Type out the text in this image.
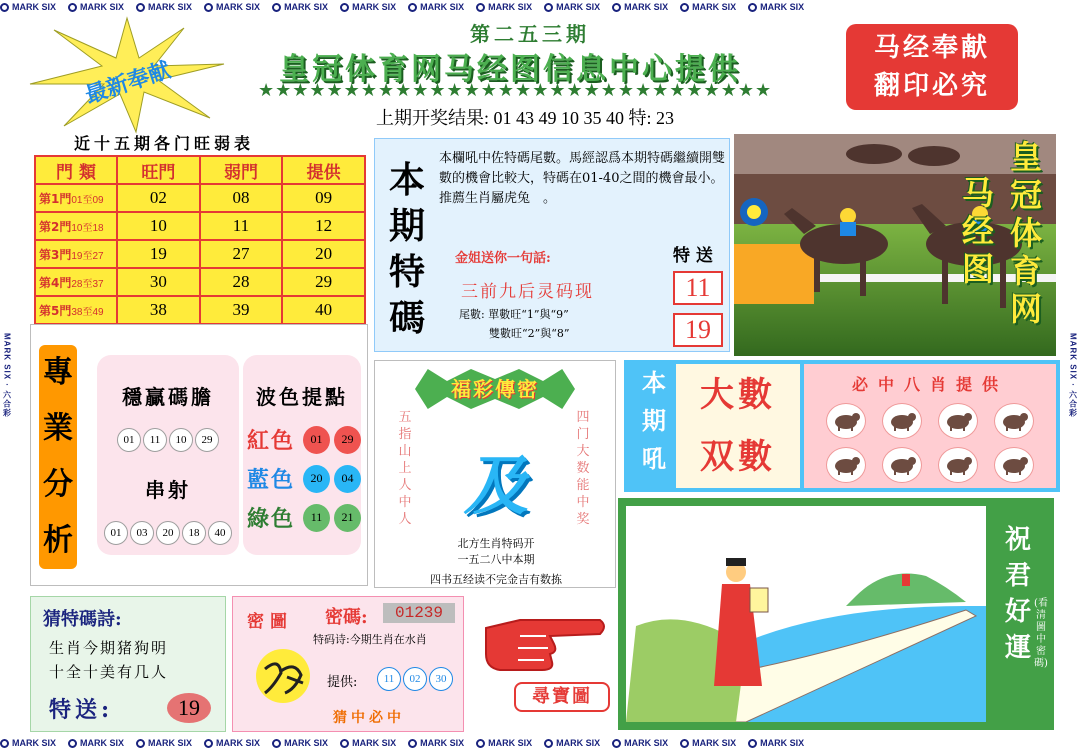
MARK SIX	MARK SIX	MARK SIX	MARK SIX	MARK SIX	MARK SIX	MARK SIX	MARK SIX	MARK SIX	MARK SIX	MARK SIX	MARK SIX
MARK SIX	MARK SIX	MARK SIX	MARK SIX	MARK SIX	MARK SIX	MARK SIX	MARK SIX	MARK SIX	MARK SIX	MARK SIX	MARK SIX
MARK SIX · 六合彩	MARK SIX · 六合彩
最新奉献
第二五三期
皇冠体育网马经图信息中心提供
★★★★★★★★★★★★★★★★★★★★★★★★★★★★★★
上期开奖结果: 01 43 49 10 35 40 特: 23
马经奉献
翻印必究
近十五期各门旺弱表
門 類	旺門	弱門	提供
第1門01至09	02	08	09
第2門10至18	10	11	12
第3門19至27	19	27	20
第4門28至37	30	28	29
第5門38至49	38	39	40
本
期
特
碼
本欄吼中佐特碼尾數。馬經認爲本期特碼繼續開雙數的機會比較大，特碼在01-40之間的機會最小。推薦生肖屬虎兔　。
金姐送你一句話:
三前九后灵码现
尾數: 單數旺“1”與“9”
雙數旺“2”與“8”
特 送
11
19
皇
冠
体
育
网
马
经
图
專
業
分
析
穩贏碼膽
01	11	10	29
串射
01	03	20	18	40
波色提點
紅色	01	29
藍色	20	04
綠色	11	21
福彩傳密
五指山上人中人
四门大数能中奖
及
北方生肖特码开
一五二八中本期
四书五经读不完金吉有数拣
本
期
吼
大數
双數
必中八肖提供
祝
君
好
運
(看清圖中密碼)
猜特碼詩:
生肖今期猪狗明
十全十美有几人
特送:	19
密圖 密碼:	01239
特码诗:今期生肖在水肖
提供:	11	02	30
猜中必中
尋寶圖
